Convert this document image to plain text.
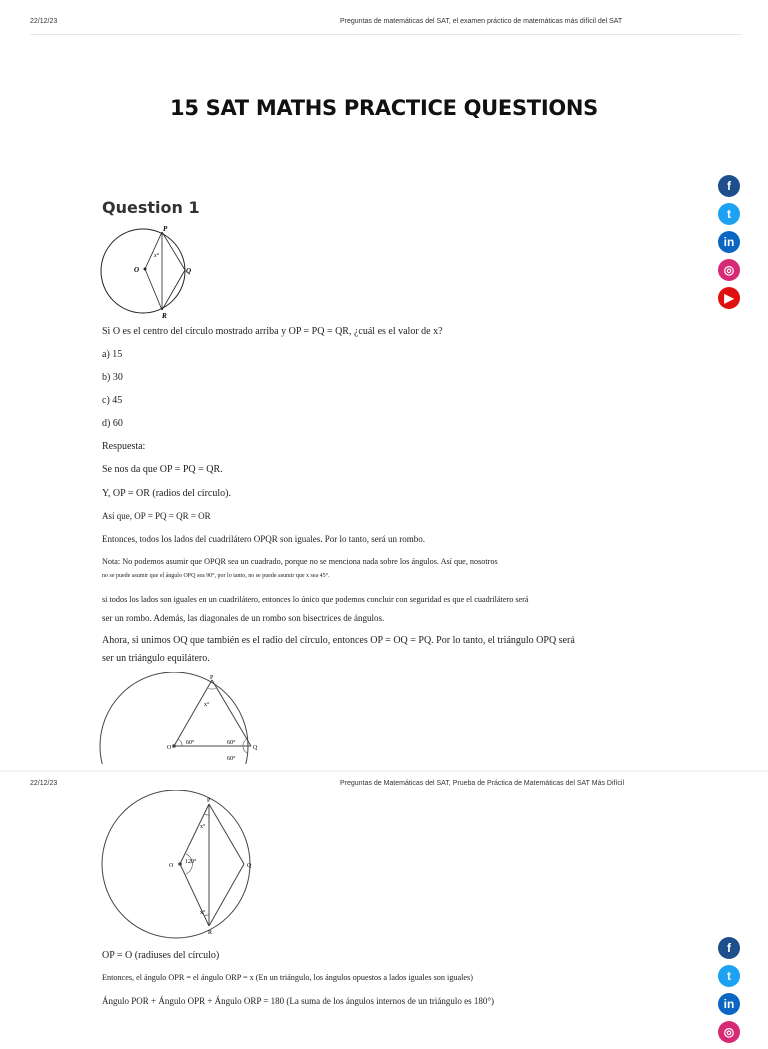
22/12/23	Preguntas de matemáticas del SAT, el examen práctico de matemáticas más difícil del SAT
15 SAT MATHS PRACTICE QUESTIONS
Question 1
P
O	Q
R
x°
Si O es el centro del círculo mostrado arriba y OP = PQ = QR, ¿cuál es el valor de x?
a) 15
b) 30
c) 45
d) 60
Respuesta:
Se nos da que OP = PQ = QR.
Y, OP = OR (radios del círculo).
Así que, OP = PQ = QR = OR
Entonces, todos los lados del cuadrilátero OPQR son iguales. Por lo tanto, será un rombo.
Nota: No podemos asumir que OPQR sea un cuadrado, porque no se menciona nada sobre los ángulos. Así que, nosotros
no se puede asumir que el ángulo OPQ sea 90°, por lo tanto, no se puede asumir que x sea 45°.
si todos los lados son iguales en un cuadrilátero, entonces lo único que podemos concluir con seguridad es que el cuadrilátero será
ser un rombo. Además, las diagonales de un rombo son bisectrices de ángulos.
Ahora, si unimos OQ que también es el radio del círculo, entonces OP = OQ = PQ. Por lo tanto, el triángulo OPQ será
ser un triángulo equilátero.
P
x°
O	Q
60°	60°
60°
22/12/23	Preguntas de Matemáticas del SAT, Prueba de Práctica de Matemáticas del SAT Más Difícil
P
x°
O
120°
Q
x°
R
OP = O (radiuses del círculo)
Entonces, el ángulo OPR = el ángulo ORP = x (En un triángulo, los ángulos opuestos a lados iguales son iguales)
Ángulo POR + Ángulo OPR + Ángulo ORP = 180 (La suma de los ángulos internos de un triángulo es 180°)
f
t
in
◎
▶
f
t
in
◎
